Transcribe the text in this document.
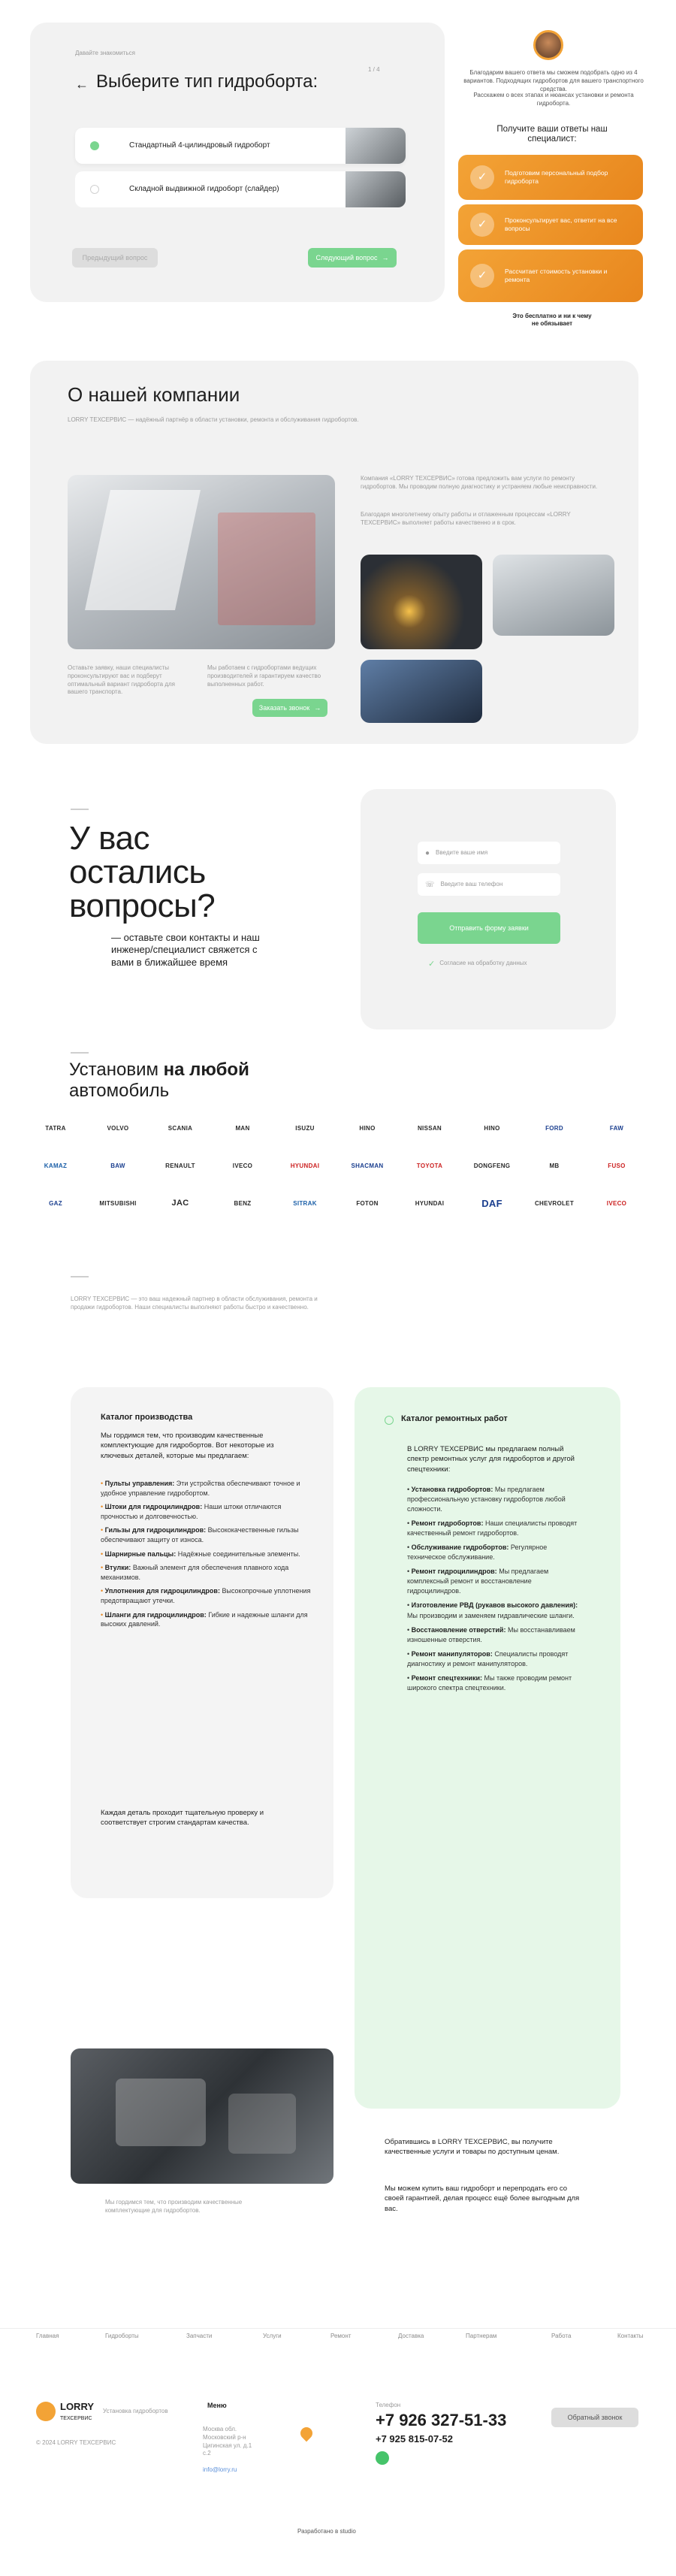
Давайте знакомиться
1 / 4
← Выберите тип гидроборта:
Стандартный 4-цилиндровый гидроборт
Складной выдвижной гидроборт (слайдер)
Предыдущий вопрос	Следующий вопрос →
Благодарим вашего ответа мы сможем подобрать одно из 4 вариантов. Подходящих гидробортов для вашего транспортного средства.
Расскажем о всех этапах и нюансах установки и ремонта гидроборта.
Получите ваши ответы наш специалист:
✓	Подготовим персональный подбор гидроборта
✓	Проконсультирует вас, ответит на все вопросы
✓	Рассчитает стоимость установки и ремонта
Это бесплатно и ни к чему не обязывает
О нашей компании
LORRY ТЕХСЕРВИС — надёжный партнёр в области установки, ремонта и обслуживания гидробортов.
Компания «LORRY ТЕХСЕРВИС» готова предложить вам услуги по ремонту гидробортов. Мы проводим полную диагностику и устраняем любые неисправности.
Благодаря многолетнему опыту работы и отлаженным процессам «LORRY ТЕХСЕРВИС» выполняет работы качественно и в срок.
Оставьте заявку, наши специалисты проконсультируют вас и подберут оптимальный вариант гидроборта для вашего транспорта.
Мы работаем с гидробортами ведущих производителей и гарантируем качество выполненных работ.
Заказать звонок →
У вас остались вопросы?
— оставьте свои контакты и наш инженер/специалист свяжется с вами в ближайшее время
● Введите ваше имя
☏ Введите ваш телефон
Отправить форму заявки
✓ Согласие на обработку данных
Установим на любой
автомобиль
TATRA	VOLVO	SCANIA	MAN	ISUZU	HINO	NISSAN	HINO	FORD	FAW
KAMAZ	BAW	RENAULT	IVECO	HYUNDAI	SHACMAN	TOYOTA	DONGFENG	MB	FUSO
GAZ	MITSUBISHI	JAC	BENZ	SITRAK	FOTON	HYUNDAI	DAF	CHEVROLET	IVECO
LORRY ТЕХСЕРВИС — это ваш надежный партнер в области обслуживания, ремонта и продажи гидробортов. Наши специалисты выполняют работы быстро и качественно.
Каталог производства
Мы гордимся тем, что производим качественные комплектующие для гидробортов. Вот некоторые из ключевых деталей, которые мы предлагаем:

• Пульты управления: Эти устройства обеспечивают точное и удобное управление гидробортом.

• Штоки для гидроцилиндров: Наши штоки отличаются прочностью и долговечностью.

• Гильзы для гидроцилиндров: Высококачественные гильзы обеспечивают защиту от износа.

• Шарнирные пальцы: Надёжные соединительные элементы.

• Втулки: Важный элемент для обеспечения плавного хода механизмов.

• Уплотнения для гидроцилиндров: Высокопрочные уплотнения предотвращают утечки.

• Шланги для гидроцилиндров: Гибкие и надежные шланги для высоких давлений.

Каждая деталь проходит тщательную проверку и соответствует строгим стандартам качества.
Мы гордимся тем, что производим качественные комплектующие для гидробортов.
Каталог ремонтных работ
В LORRY ТЕХСЕРВИС мы предлагаем полный спектр ремонтных услуг для гидробортов и другой спецтехники:

• Установка гидробортов: Мы предлагаем профессиональную установку гидробортов любой сложности.

• Ремонт гидробортов: Наши специалисты проводят качественный ремонт гидробортов.

• Обслуживание гидробортов: Регулярное техническое обслуживание.

• Ремонт гидроцилиндров: Мы предлагаем комплексный ремонт и восстановление гидроцилиндров.

• Изготовление РВД (рукавов высокого давления): Мы производим и заменяем гидравлические шланги.

• Восстановление отверстий: Мы восстанавливаем изношенные отверстия.

• Ремонт манипуляторов: Специалисты проводят диагностику и ремонт манипуляторов.

• Ремонт спецтехники: Мы также проводим ремонт широкого спектра спецтехники.

Обратившись в LORRY ТЕХСЕРВИС, вы получите качественные услуги и товары по доступным ценам.
Мы можем купить ваш гидроборт и перепродать его со своей гарантией, делая процесс ещё более выгодным для вас.
Главная	Гидроборты	Запчасти	Услуги	Ремонт	Доставка	Партнерам	Работа	Контакты
LORRY
ТЕХСЕРВИС
Установка гидробортов
© 2024 LORRY ТЕХСЕРВИС
Меню
Москва обл. Московский р-н Цигинская ул. д.1 с.2
info@lorry.ru
Телефон
+7 926 327-51-33
+7 925 815-07-52
Обратный звонок
Разработано в studio
